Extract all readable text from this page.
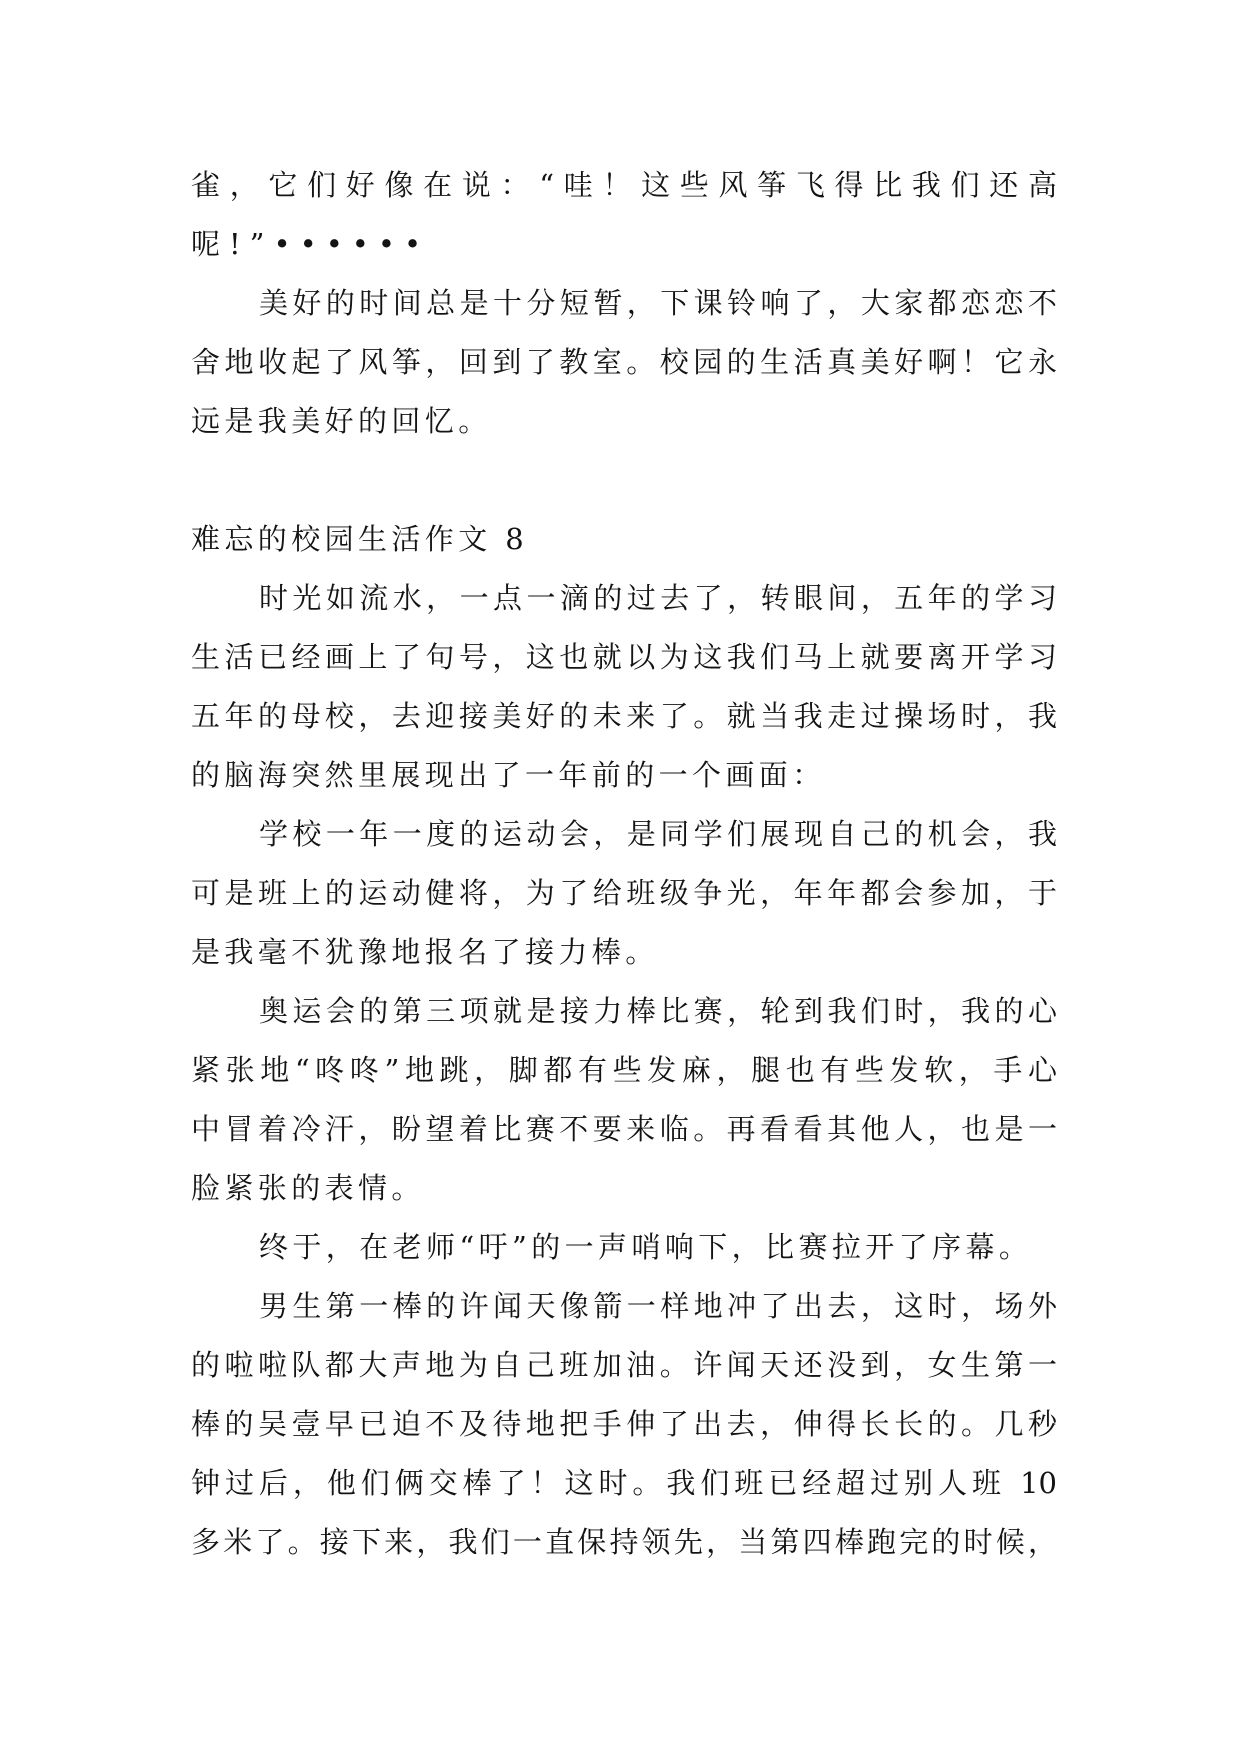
雀，它们好像在说：“哇！这些风筝飞得比我们还高
呢!”••••••
美好的时间总是十分短暂，下课铃响了，大家都恋恋不
舍地收起了风筝，回到了教室。校园的生活真美好啊！它永
远是我美好的回忆。
难忘的校园生活作文 8
时光如流水，一点一滴的过去了，转眼间，五年的学习
生活已经画上了句号，这也就以为这我们马上就要离开学习
五年的母校，去迎接美好的未来了。就当我走过操场时，我
的脑海突然里展现出了一年前的一个画面：
学校一年一度的运动会，是同学们展现自己的机会，我
可是班上的运动健将，为了给班级争光，年年都会参加，于
是我毫不犹豫地报名了接力棒。
奥运会的第三项就是接力棒比赛，轮到我们时，我的心
紧张地“咚咚”地跳，脚都有些发麻，腿也有些发软，手心
中冒着冷汗，盼望着比赛不要来临。再看看其他人，也是一
脸紧张的表情。
终于，在老师“吁”的一声哨响下，比赛拉开了序幕。
男生第一棒的许闻天像箭一样地冲了出去，这时，场外
的啦啦队都大声地为自己班加油。许闻天还没到，女生第一
棒的吴壹早已迫不及待地把手伸了出去，伸得长长的。几秒
钟过后，他们俩交棒了！这时。我们班已经超过别人班 10
多米了。接下来，我们一直保持领先，当第四棒跑完的时候，
